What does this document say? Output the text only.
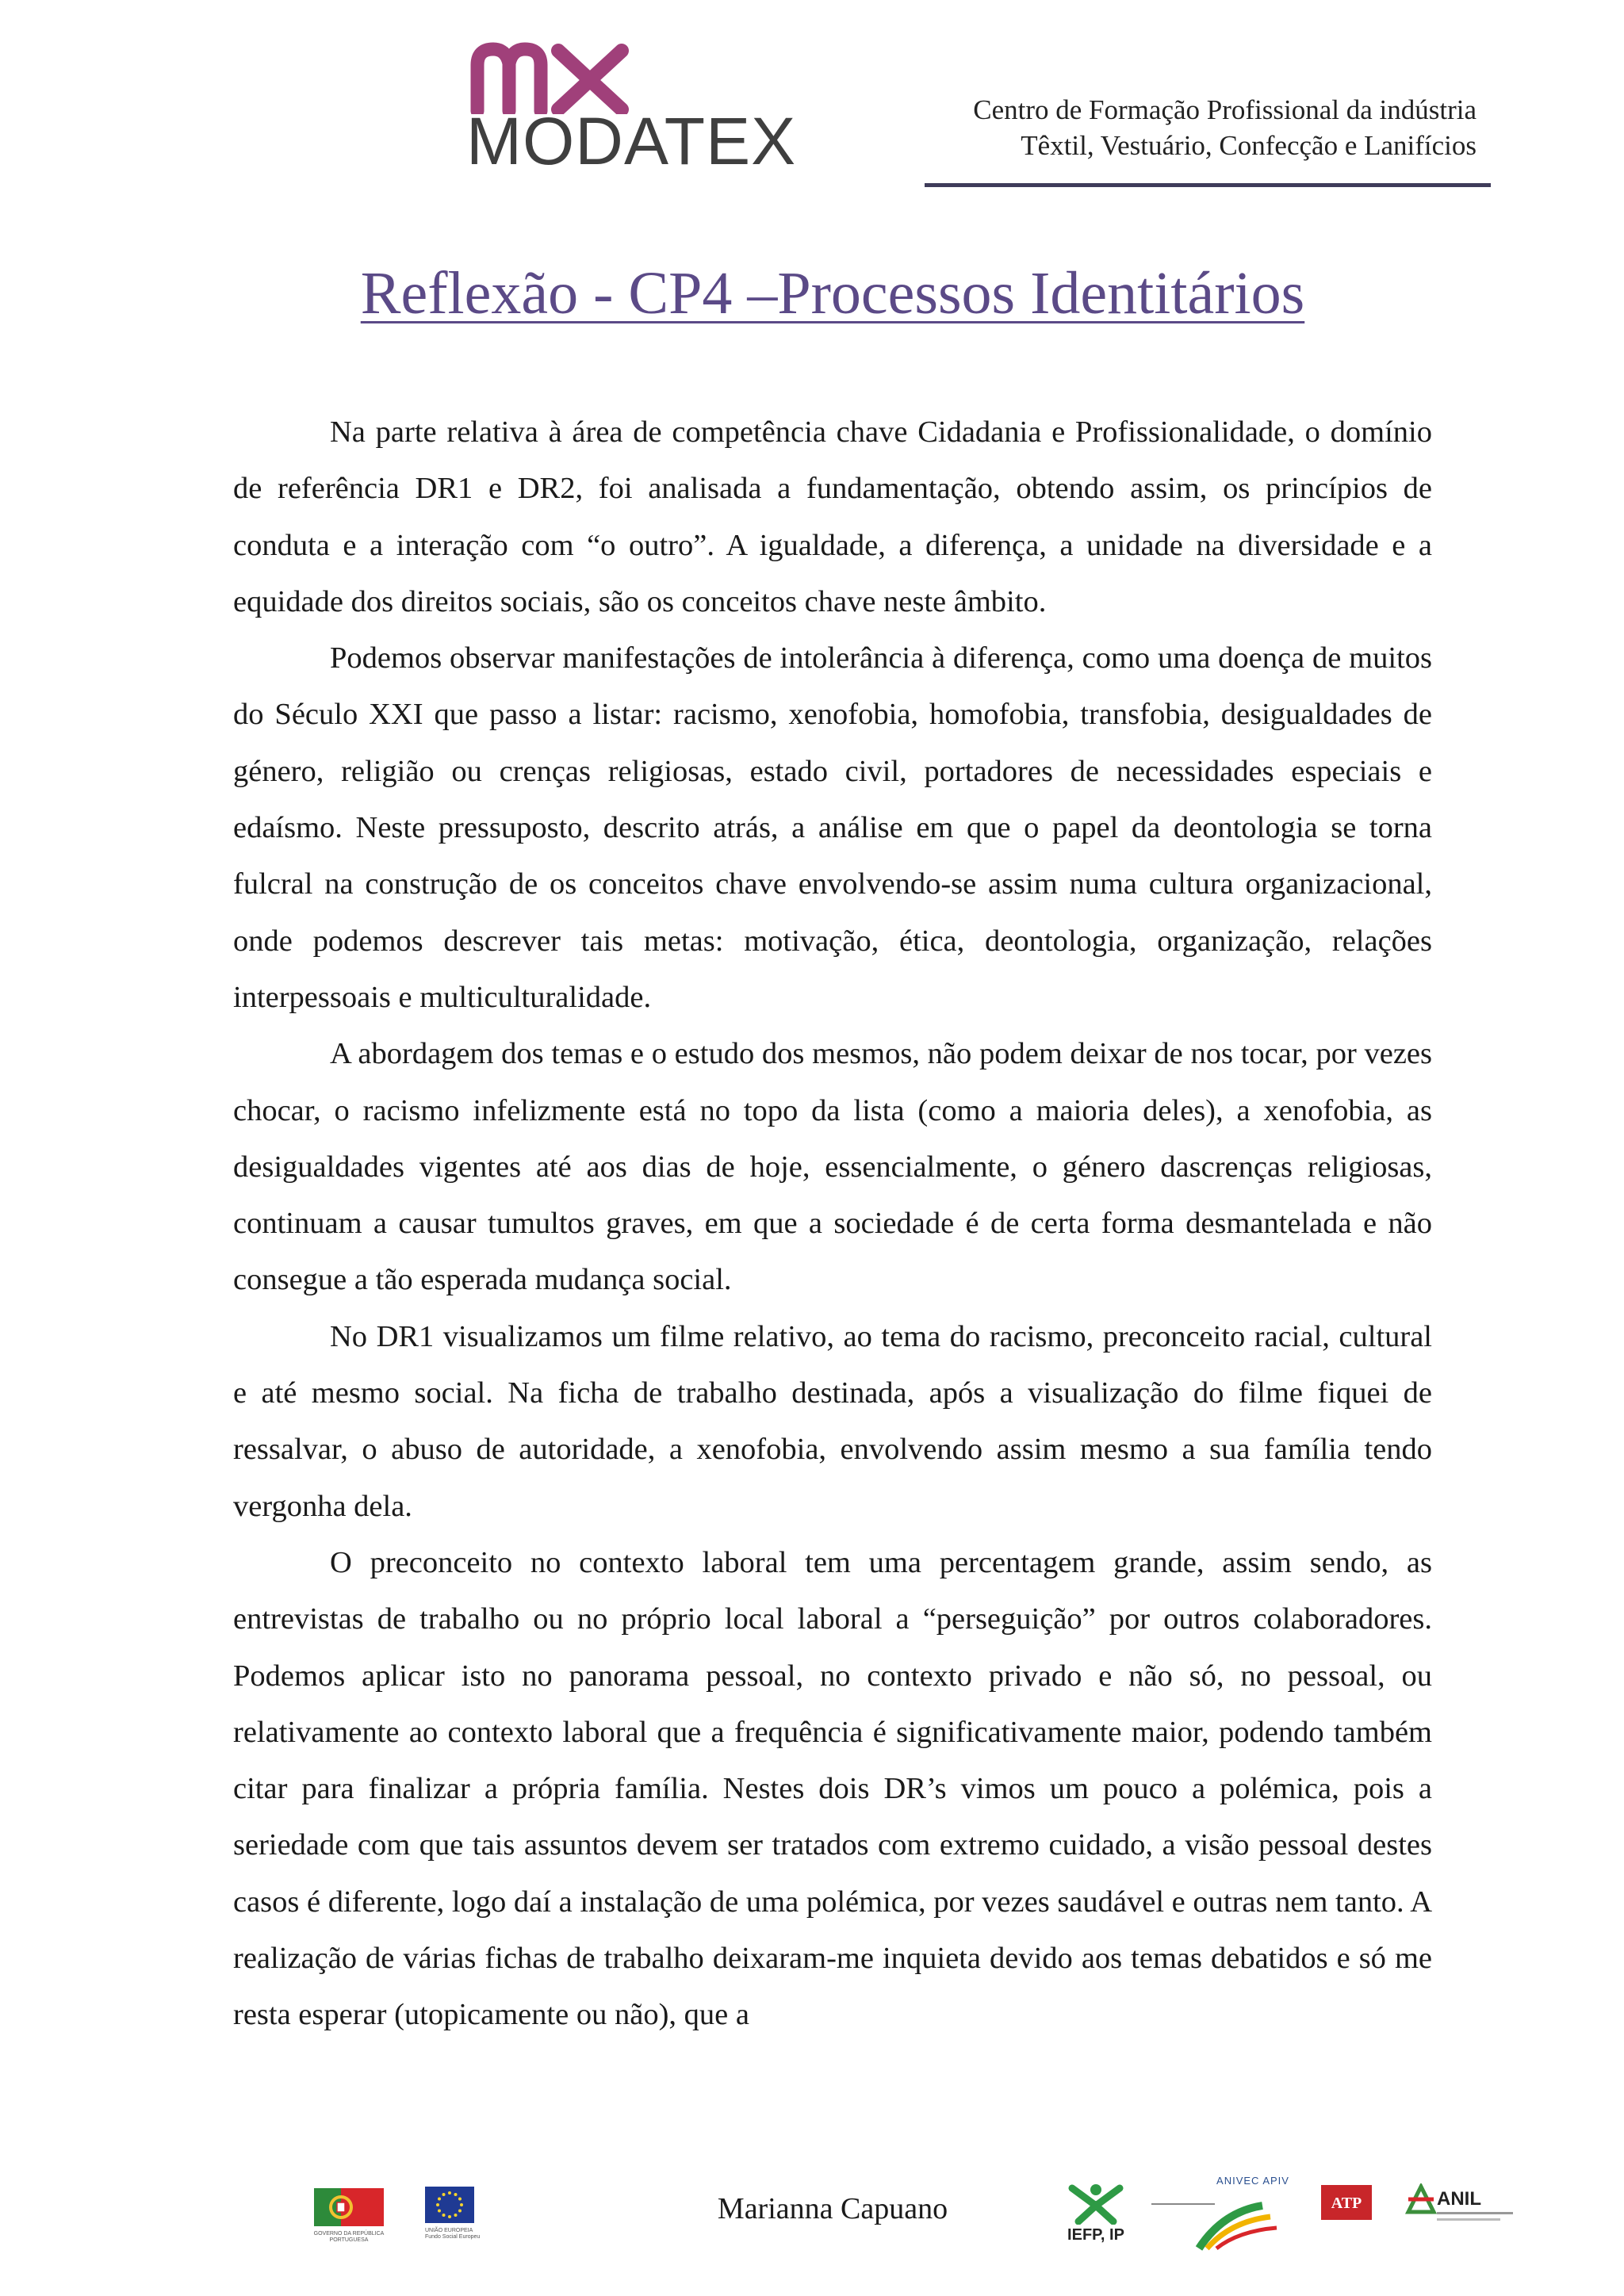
MODATEX	Centro de Formação Profissional da indústria
Têxtil, Vestuário, Confecção e Lanifícios
Reflexão - CP4 –Processos Identitários

Na parte relativa à área de competência chave Cidadania e Profissionalidade, o domínio de referência DR1 e DR2, foi analisada a fundamentação, obtendo assim, os princípios de conduta e a interação com “o outro”. A igualdade, a diferença, a unidade na diversidade e a equidade dos direitos sociais, são os conceitos chave neste âmbito.

Podemos observar manifestações de intolerância à diferença, como uma doença de muitos do Século XXI que passo a listar: racismo, xenofobia, homofobia, transfobia, desigualdades de género, religião ou crenças religiosas, estado civil, portadores de necessidades especiais e edaísmo. Neste pressuposto, descrito atrás, a análise em que o papel da deontologia se torna fulcral na construção de os conceitos chave envolvendo-se assim numa cultura organizacional, onde podemos descrever tais metas: motivação, ética, deontologia, organização, relações interpessoais e multiculturalidade.

A abordagem dos temas e o estudo dos mesmos, não podem deixar de nos tocar, por vezes chocar, o racismo infelizmente está no topo da lista (como a maioria deles), a xenofobia, as desigualdades vigentes até aos dias de hoje, essencialmente, o género dascrenças religiosas, continuam a causar tumultos graves, em que a sociedade é de certa forma desmantelada e não consegue a tão esperada mudança social.

No DR1 visualizamos um filme relativo, ao tema do racismo, preconceito racial, cultural e até mesmo social. Na ficha de trabalho destinada, após a visualização do filme fiquei de ressalvar, o abuso de autoridade, a xenofobia, envolvendo assim mesmo a sua família tendo vergonha dela.

O preconceito no contexto laboral tem uma percentagem grande, assim sendo, as entrevistas de trabalho ou no próprio local laboral a “perseguição” por outros colaboradores. Podemos aplicar isto no panorama pessoal, no contexto privado e não só, no pessoal, ou relativamente ao contexto laboral que a frequência é significativamente maior, podendo também citar para finalizar a própria família. Nestes dois DR’s vimos um pouco a polémica, pois a seriedade com que tais assuntos devem ser tratados com extremo cuidado, a visão pessoal destes casos é diferente, logo daí a instalação de uma polémica, por vezes saudável e outras nem tanto. A realização de várias fichas de trabalho deixaram-me inquieta devido aos temas debatidos e só me resta esperar (utopicamente ou não), que a

GOVERNO DA REPÚBLICA PORTUGUESA
UNIÃO EUROPEIA Fundo Social Europeu
Marianna Capuano
IEFP, IP
ANIVEC APIV
ATP	ANIL
